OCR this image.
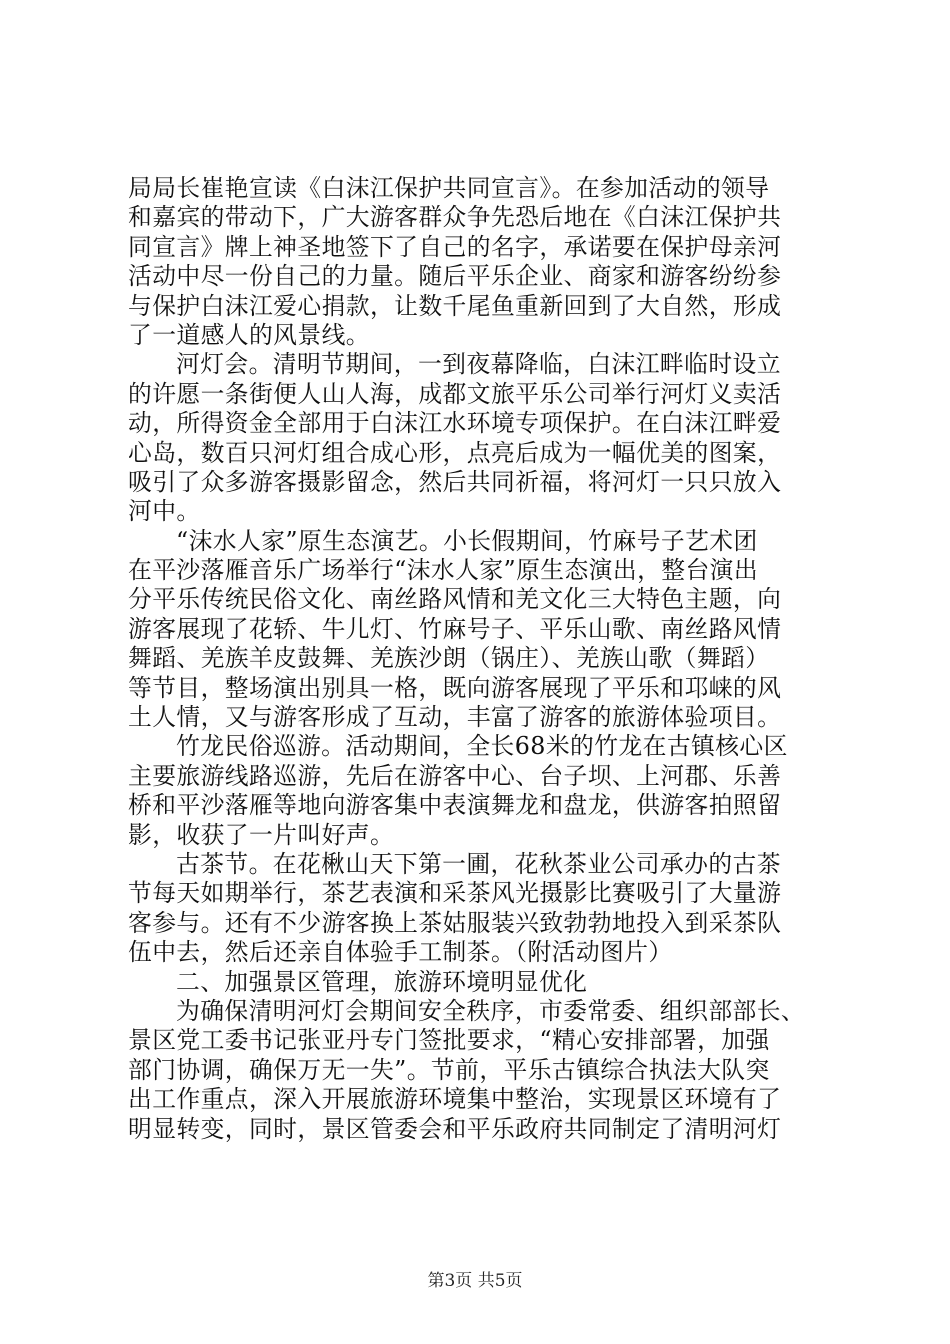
局局长崔艳宣读《白沫江保护共同宣言》。在参加活动的领导
和嘉宾的带动下，广大游客群众争先恐后地在《白沫江保护共
同宣言》牌上神圣地签下了自己的名字，承诺要在保护母亲河
活动中尽一份自己的力量。随后平乐企业、商家和游客纷纷参
与保护白沫江爱心捐款，让数千尾鱼重新回到了大自然，形成
了一道感人的风景线。
河灯会。清明节期间，一到夜幕降临，白沫江畔临时设立
的许愿一条街便人山人海，成都文旅平乐公司举行河灯义卖活
动，所得资金全部用于白沫江水环境专项保护。在白沫江畔爱
心岛，数百只河灯组合成心形，点亮后成为一幅优美的图案，
吸引了众多游客摄影留念，然后共同祈福，将河灯一只只放入
河中。
“沫水人家”原生态演艺。小长假期间，竹麻号子艺术团
在平沙落雁音乐广场举行“沫水人家”原生态演出，整台演出
分平乐传统民俗文化、南丝路风情和羌文化三大特色主题，向
游客展现了花轿、牛儿灯、竹麻号子、平乐山歌、南丝路风情
舞蹈、羌族羊皮鼓舞、羌族沙朗（锅庄）、羌族山歌（舞蹈）
等节目，整场演出别具一格，既向游客展现了平乐和邛崃的风
土人情，又与游客形成了互动，丰富了游客的旅游体验项目。
竹龙民俗巡游。活动期间，全长68米的竹龙在古镇核心区
主要旅游线路巡游，先后在游客中心、台子坝、上河郡、乐善
桥和平沙落雁等地向游客集中表演舞龙和盘龙，供游客拍照留
影，收获了一片叫好声。
古茶节。在花楸山天下第一圃，花秋茶业公司承办的古茶
节每天如期举行，茶艺表演和采茶风光摄影比赛吸引了大量游
客参与。还有不少游客换上茶姑服装兴致勃勃地投入到采茶队
伍中去，然后还亲自体验手工制茶。（附活动图片）
二、加强景区管理，旅游环境明显优化
为确保清明河灯会期间安全秩序，市委常委、组织部部长、
景区党工委书记张亚丹专门签批要求，“精心安排部署，加强
部门协调，确保万无一失”。节前，平乐古镇综合执法大队突
出工作重点，深入开展旅游环境集中整治，实现景区环境有了
明显转变，同时，景区管委会和平乐政府共同制定了清明河灯
第3页 共5页
